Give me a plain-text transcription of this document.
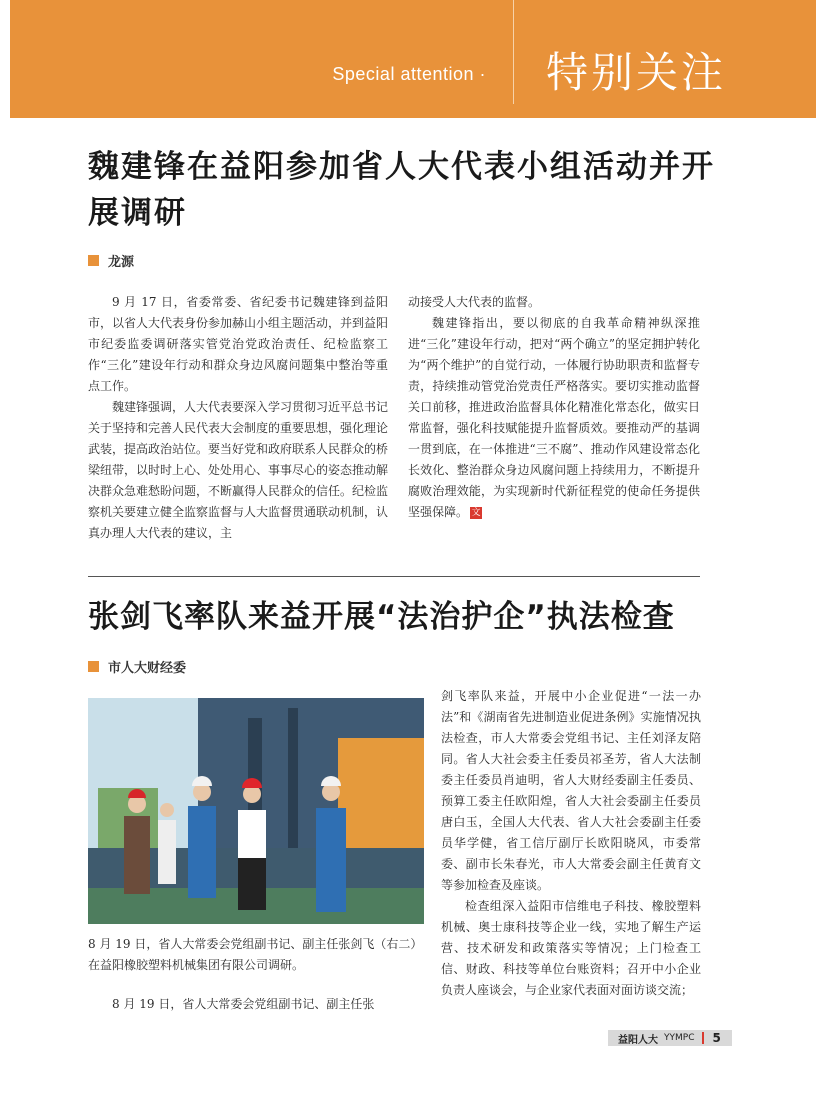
Special attention · 特别关注
魏建锋在益阳参加省人大代表小组活动并开展调研
龙源

9 月 17 日，省委常委、省纪委书记魏建锋到益阳市，以省人大代表身份参加赫山小组主题活动，并到益阳市纪委监委调研落实管党治党政治责任、纪检监察工作“三化”建设年行动和群众身边风腐问题集中整治等重点工作。

魏建锋强调，人大代表要深入学习贯彻习近平总书记关于坚持和完善人民代表大会制度的重要思想，强化理论武装，提高政治站位。要当好党和政府联系人民群众的桥梁纽带，以时时上心、处处用心、事事尽心的姿态推动解决群众急难愁盼问题，不断赢得人民群众的信任。纪检监察机关要建立健全监察监督与人大监督贯通联动机制，认真办理人大代表的建议，主

动接受人大代表的监督。

魏建锋指出，要以彻底的自我革命精神纵深推进“三化”建设年行动，把对“两个确立”的坚定拥护转化为“两个维护”的自觉行动，一体履行协助职责和监督专责，持续推动管党治党责任严格落实。要切实推动监督关口前移，推进政治监督具体化精准化常态化，做实日常监督，强化科技赋能提升监督质效。要推动严的基调一贯到底，在一体推进“三不腐”、推动作风建设常态化长效化、整治群众身边风腐问题上持续用力，不断提升腐败治理效能，为实现新时代新征程党的使命任务提供坚强保障。 文

张剑飞率队来益开展“法治护企”执法检查
市人大财经委
8 月 19 日，省人大常委会党组副书记、副主任张剑飞（右二）在益阳橡胶塑料机械集团有限公司调研。

8 月 19 日，省人大常委会党组副书记、副主任张

剑飞率队来益，开展中小企业促进“一法一办法”和《湖南省先进制造业促进条例》实施情况执法检查，市人大常委会党组书记、主任刘泽友陪同。省人大社会委主任委员祁圣芳，省人大法制委主任委员肖迪明，省人大财经委副主任委员、预算工委主任欧阳煌，省人大社会委副主任委员唐白玉，全国人大代表、省人大社会委副主任委员华学健，省工信厅副厅长欧阳晓风，市委常委、副市长朱春光，市人大常委会副主任黄育文等参加检查及座谈。

检查组深入益阳市信维电子科技、橡胶塑料机械、奥士康科技等企业一线，实地了解生产运营、技术研发和政策落实等情况；上门检查工信、财政、科技等单位台账资料；召开中小企业负责人座谈会，与企业家代表面对面访谈交流；

益阳人大 YYMPC 5
